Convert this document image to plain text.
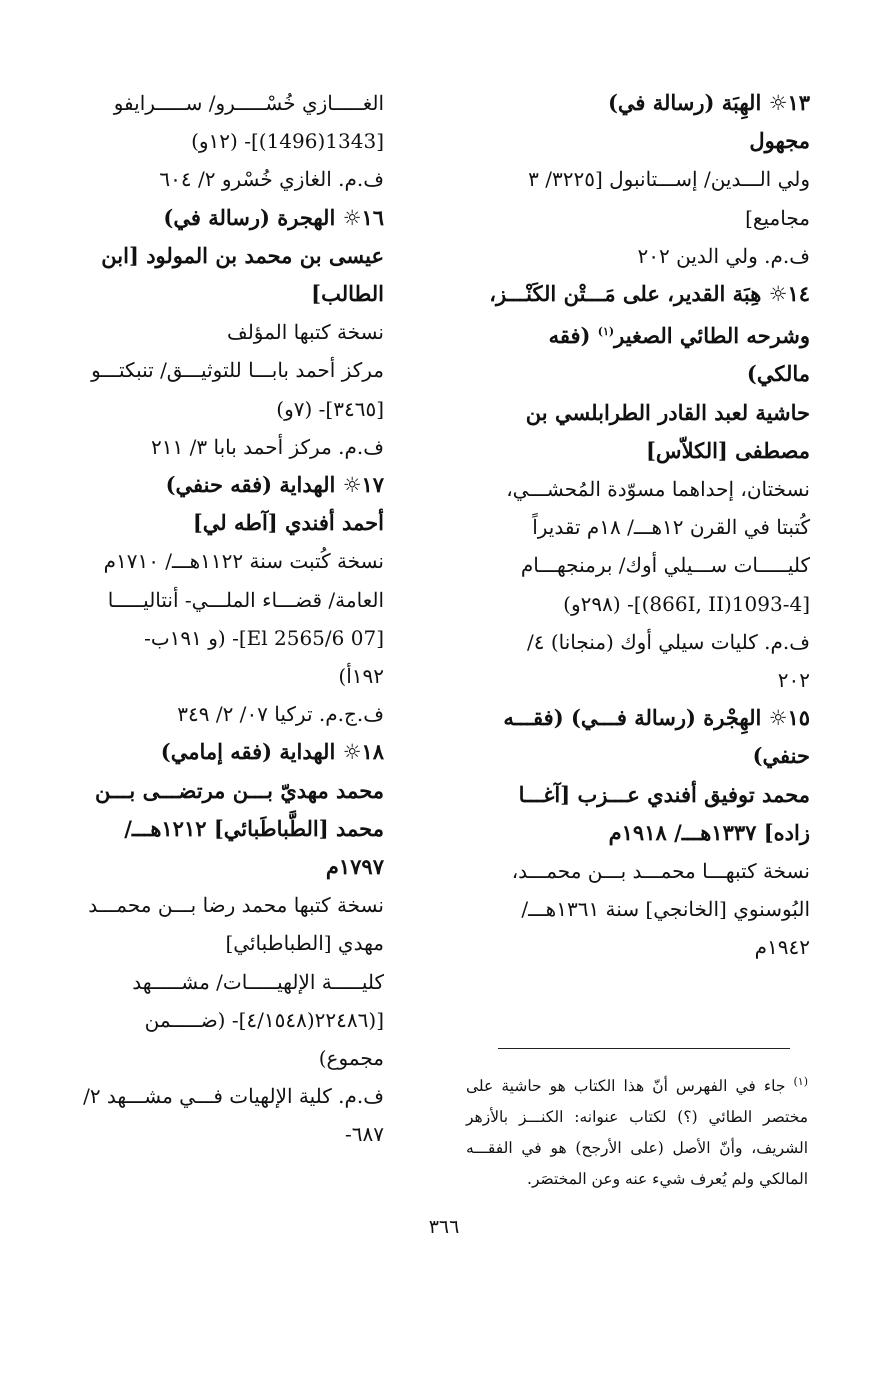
١٣☼ الهِبَة (رسالة في)
مجهول
ولي الـــدين/ إســـتانبول [٣٢٢٥/ ٣
مجاميع]
ف.م. ولي الدين ٢٠٢
١٤☼ هِبَة القدير، على مَـــتْن الكَنْـــز،
وشرحه الطائي الصغير$^{(١)}$ (فقه
مالكي)
حاشية لعبد القادر الطرابلسي بن
مصطفى [الكلاّس]
نسختان، إحداهما مسوّدة المُحشـــي،
كُتبتا في القرن ١٢هـــ/ ١٨م تقديراً
كليـــــات ســـيلي أوك/ برمنجهـــام
[1093-4(866I, II)]- (٢٩٨و)
ف.م. كليات سيلي أوك (منجانا) ٤/
٢٠٢
١٥☼ الهِجْرة (رسالة فـــي) (فقـــه
حنفي)
محمد توفيق أفندي عـــزب [آغـــا
زاده] ١٣٣٧هـــ/ ١٩١٨م
نسخة كتبهـــا محمـــد بـــن محمـــد،
البُوسنوي [الخانجي] سنة ١٣٦١هـــ/
١٩٤٢م
الغـــــازي خُسْـــــرو/ ســـــرايفو
[1343(1496)]- (١٢و)
ف.م. الغازي خُسْرو ٢/ ٦٠٤
١٦☼ الهجرة (رسالة في)
عيسى بن محمد بن المولود [ابن
الطالب]
نسخة كتبها المؤلف
مركز أحمد بابـــا للتوثيـــق/ تنبكتـــو
[٣٤٦٥]- (٧و)
ف.م. مركز أحمد بابا ٣/ ٢١١
١٧☼ الهداية (فقه حنفي)
أحمد أفندي [آطه لي]
نسخة كُتبت سنة ١١٢٢هـــ/ ١٧١٠م
العامة/ قضـــاء الملـــي- أنتاليـــــا
[07 El 2565/6]- (و ١٩١ب-
١٩٢أ)
ف.ج.م. تركيا ٠٧/ ٢/ ٣٤٩
١٨☼ الهداية (فقه إمامي)
محمد مهديّ بـــن مرتضـــى بـــن
محمد [الطَّباطَبائي] ١٢١٢هـــ/
١٧٩٧م
نسخة كتبها محمد رضا بـــن محمـــد
مهدي [الطباطبائي]
كليـــــة الإلهيـــــات/ مشـــــهد
[(٢٢٤٨٦(٤/١٥٤٨]- (ضـــــمن
مجموع)
ف.م. كلية الإلهيات فـــي مشـــهد ٢/
٦٨٧-
$^{(١)}$ جاء في الفهرس أنّ هذا الكتاب هو حاشية على مختصر الطائي (؟) لكتاب عنوانه: الكنـــز بالأزهر الشريف، وأنّ الأصل (على الأرجح) هو في الفقـــه المالكي ولم يُعرف شيء عنه وعن المختصَر.
٣٦٦
